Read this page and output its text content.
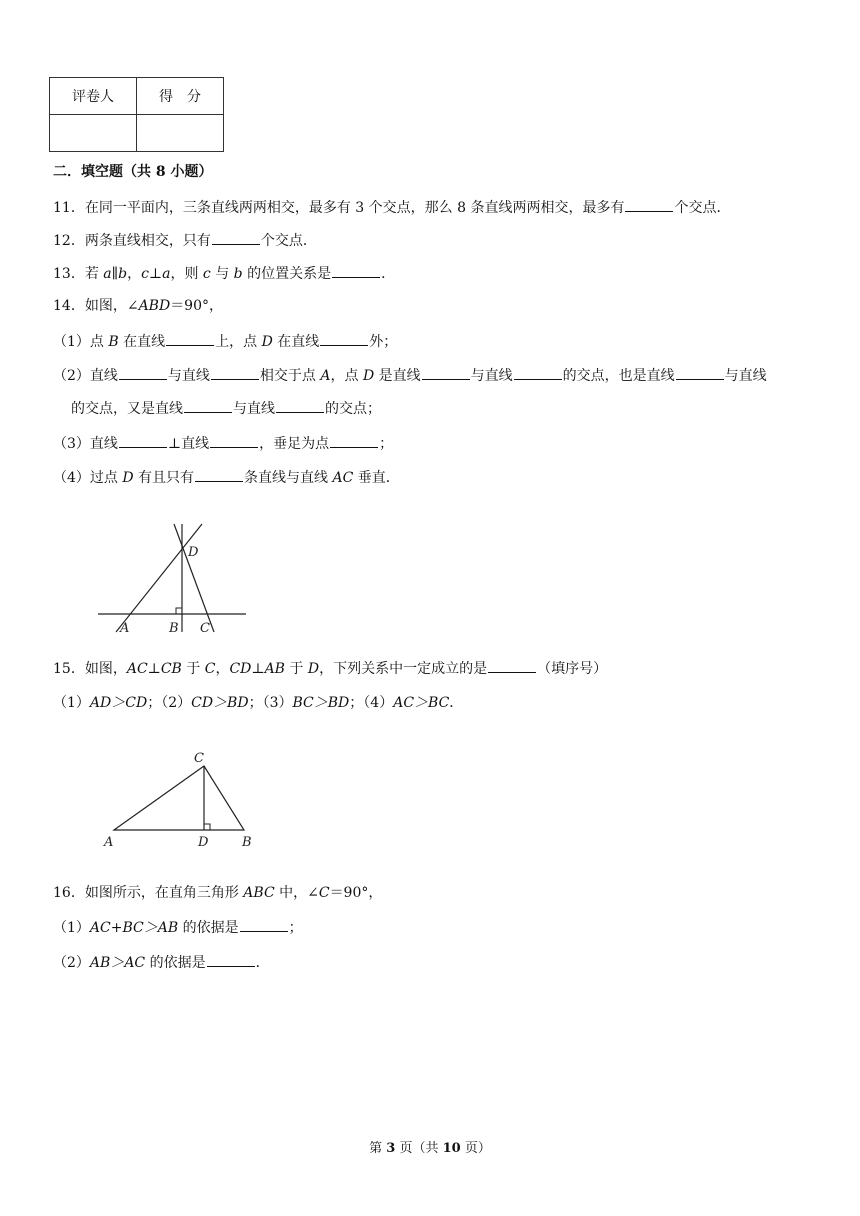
评卷人	得　分

二．填空题（共 8 小题）
11．在同一平面内，三条直线两两相交，最多有 3 个交点，那么 8 条直线两两相交，最多有	个交点．
12．两条直线相交，只有	个交点．
13．若 a∥b，c⊥a，则 c 与 b 的位置关系是	．
14．如图，∠ABD＝90°，
（1）点 B 在直线	上，点 D 在直线	外；
（2）直线	与直线	相交于点 A，点 D 是直线	与直线	的交点，也是直线	与直线
的交点，又是直线	与直线	的交点；
（3）直线	⊥直线	，垂足为点	；
（4）过点 D 有且只有	条直线与直线 AC 垂直．
D
A	B C
15．如图，AC⊥CB 于 C，CD⊥AB 于 D，下列关系中一定成立的是	（填序号）
（1）AD＞CD；（2）CD＞BD；（3）BC＞BD；（4）AC＞BC．
C
A	D	B
16．如图所示，在直角三角形 ABC 中，∠C＝90°，
（1）AC+BC＞AB 的依据是	；
（2）AB＞AC 的依据是	．
第 3 页（共 10 页）
